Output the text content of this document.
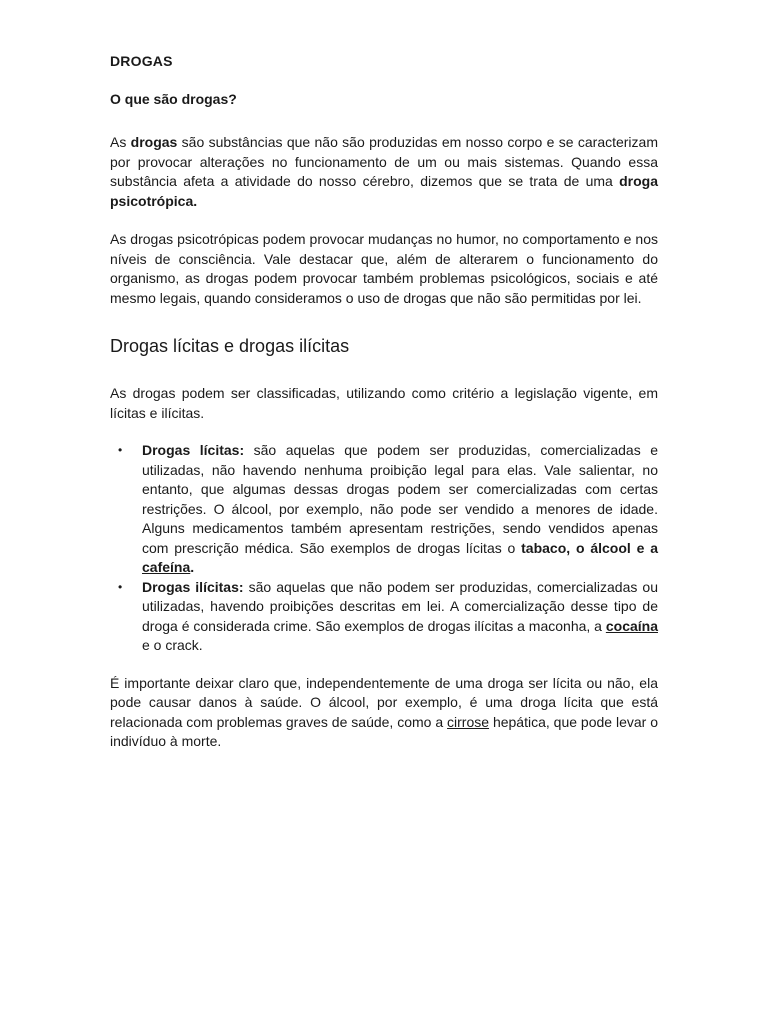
DROGAS
O que são drogas?

As drogas são substâncias que não são produzidas em nosso corpo e se caracterizam por provocar alterações no funcionamento de um ou mais sistemas. Quando essa substância afeta a atividade do nosso cérebro, dizemos que se trata de uma droga psicotrópica.

As drogas psicotrópicas podem provocar mudanças no humor, no comportamento e nos níveis de consciência. Vale destacar que, além de alterarem o funcionamento do organismo, as drogas podem provocar também problemas psicológicos, sociais e até mesmo legais, quando consideramos o uso de drogas que não são permitidas por lei.

Drogas lícitas e drogas ilícitas

As drogas podem ser classificadas, utilizando como critério a legislação vigente, em lícitas e ilícitas.

• Drogas lícitas: são aquelas que podem ser produzidas, comercializadas e utilizadas, não havendo nenhuma proibição legal para elas. Vale salientar, no entanto, que algumas dessas drogas podem ser comercializadas com certas restrições. O álcool, por exemplo, não pode ser vendido a menores de idade. Alguns medicamentos também apresentam restrições, sendo vendidos apenas com prescrição médica. São exemplos de drogas lícitas o tabaco, o álcool e a cafeína.
• Drogas ilícitas: são aquelas que não podem ser produzidas, comercializadas ou utilizadas, havendo proibições descritas em lei. A comercialização desse tipo de droga é considerada crime. São exemplos de drogas ilícitas a maconha, a cocaína e o crack.

É importante deixar claro que, independentemente de uma droga ser lícita ou não, ela pode causar danos à saúde. O álcool, por exemplo, é uma droga lícita que está relacionada com problemas graves de saúde, como a cirrose hepática, que pode levar o indivíduo à morte.
